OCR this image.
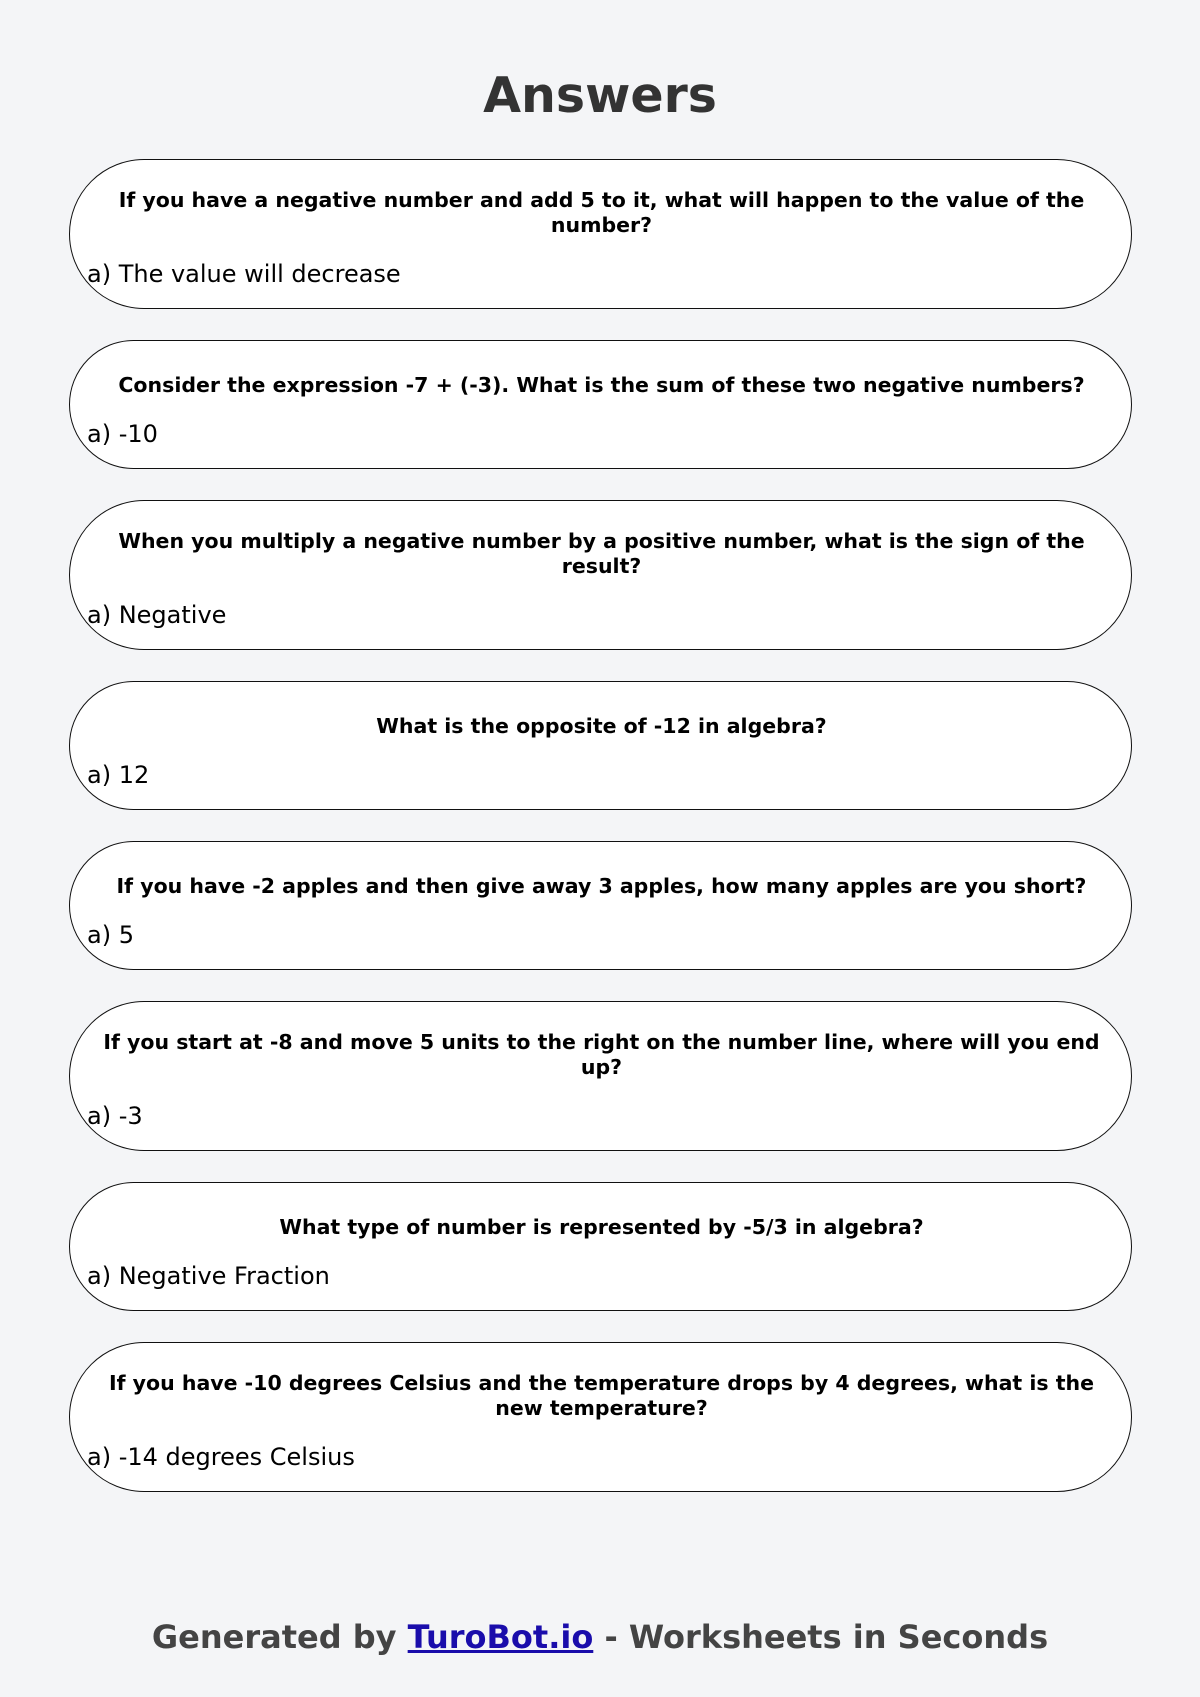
Answers

If you have a negative number and add 5 to it, what will happen to the value of the number?

a) The value will decrease

Consider the expression -7 + (-3). What is the sum of these two negative numbers?

a) -10

When you multiply a negative number by a positive number, what is the sign of the result?

a) Negative

What is the opposite of -12 in algebra?

a) 12

If you have -2 apples and then give away 3 apples, how many apples are you short?

a) 5

If you start at -8 and move 5 units to the right on the number line, where will you end up?

a) -3

What type of number is represented by -5/3 in algebra?

a) Negative Fraction

If you have -10 degrees Celsius and the temperature drops by 4 degrees, what is the new temperature?

a) -14 degrees Celsius

Generated by TuroBot.io - Worksheets in Seconds
